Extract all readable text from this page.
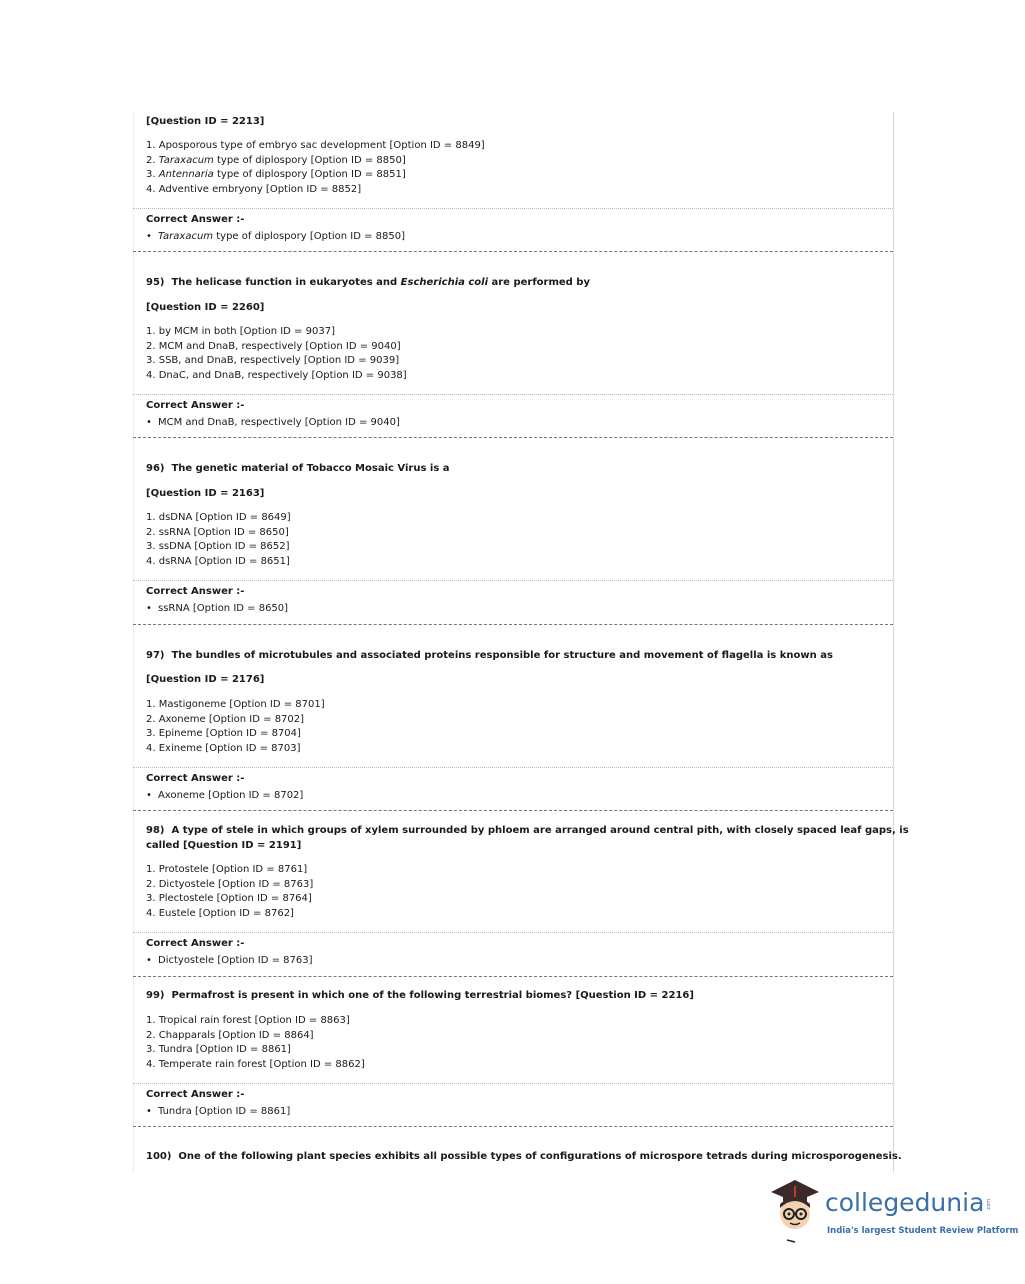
[Question ID = 2213]
1. Aposporous type of embryo sac development [Option ID = 8849]
2. Taraxacum type of diplospory [Option ID = 8850]
3. Antennaria type of diplospory [Option ID = 8851]
4. Adventive embryony [Option ID = 8852]
Correct Answer :-
• Taraxacum type of diplospory [Option ID = 8850]
95) The helicase function in eukaryotes and Escherichia coli are performed by
[Question ID = 2260]
1. by MCM in both [Option ID = 9037]
2. MCM and DnaB, respectively [Option ID = 9040]
3. SSB, and DnaB, respectively [Option ID = 9039]
4. DnaC, and DnaB, respectively [Option ID = 9038]
Correct Answer :-
• MCM and DnaB, respectively [Option ID = 9040]
96) The genetic material of Tobacco Mosaic Virus is a
[Question ID = 2163]
1. dsDNA [Option ID = 8649]
2. ssRNA [Option ID = 8650]
3. ssDNA [Option ID = 8652]
4. dsRNA [Option ID = 8651]
Correct Answer :-
• ssRNA [Option ID = 8650]
97) The bundles of microtubules and associated proteins responsible for structure and movement of flagella is known as
[Question ID = 2176]
1. Mastigoneme [Option ID = 8701]
2. Axoneme [Option ID = 8702]
3. Epineme [Option ID = 8704]
4. Exineme [Option ID = 8703]
Correct Answer :-
• Axoneme [Option ID = 8702]
98) A type of stele in which groups of xylem surrounded by phloem are arranged around central pith, with closely spaced leaf gaps, is
called [Question ID = 2191]
1. Protostele [Option ID = 8761]
2. Dictyostele [Option ID = 8763]
3. Plectostele [Option ID = 8764]
4. Eustele [Option ID = 8762]
Correct Answer :-
• Dictyostele [Option ID = 8763]
99) Permafrost is present in which one of the following terrestrial biomes? [Question ID = 2216]
1. Tropical rain forest [Option ID = 8863]
2. Chapparals [Option ID = 8864]
3. Tundra [Option ID = 8861]
4. Temperate rain forest [Option ID = 8862]
Correct Answer :-
• Tundra [Option ID = 8861]
100) One of the following plant species exhibits all possible types of configurations of microspore tetrads during microsporogenesis.
collegedunia .com
India's largest Student Review Platform
